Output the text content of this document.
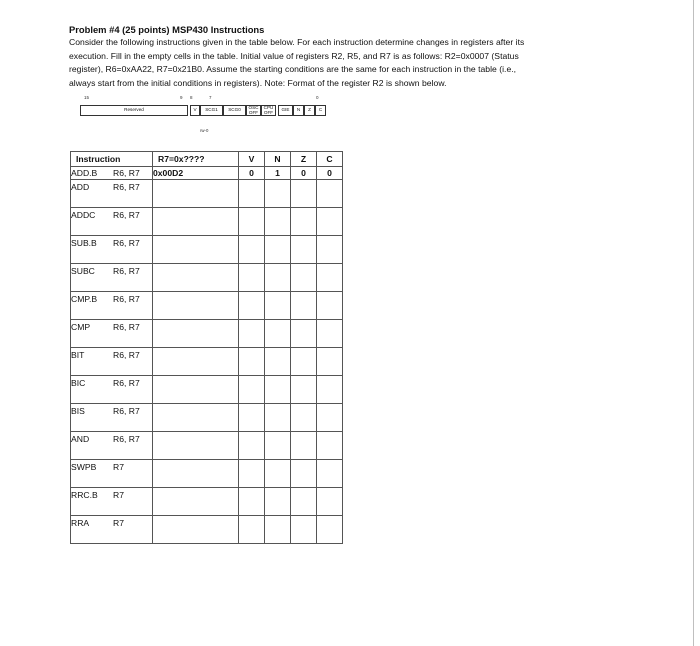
Problem #4 (25 points) MSP430 Instructions
Consider the following instructions given in the table below. For each instruction determine changes in registers after its
execution. Fill in the empty cells in the table. Initial value of registers R2, R5, and R7 is as follows: R2=0x0007 (Status
register), R6=0xAA22, R7=0x21B0. Assume the starting conditions are the same for each instruction in the table (i.e.,
always start from the initial conditions in registers). Note: Format of the register R2 is shown below.
15	9 8	7	0
Reserved	V	SCG1	SCG0	OSC OFF
CPU OFF	GIE	N	Z	C
rw-0
Instruction	R7=0x????	V	N	Z	C
ADD.B R6, R7	0x00D2	0	1	0	0
ADD R6, R7					
ADDC R6, R7					
SUB.B R6, R7					
SUBC R6, R7					
CMP.B R6, R7					
CMP R6, R7					
BIT R6, R7					
BIC R6, R7					
BIS R6, R7					
AND R6, R7					
SWPB R7					
RRC.B R7					
RRA R7					
